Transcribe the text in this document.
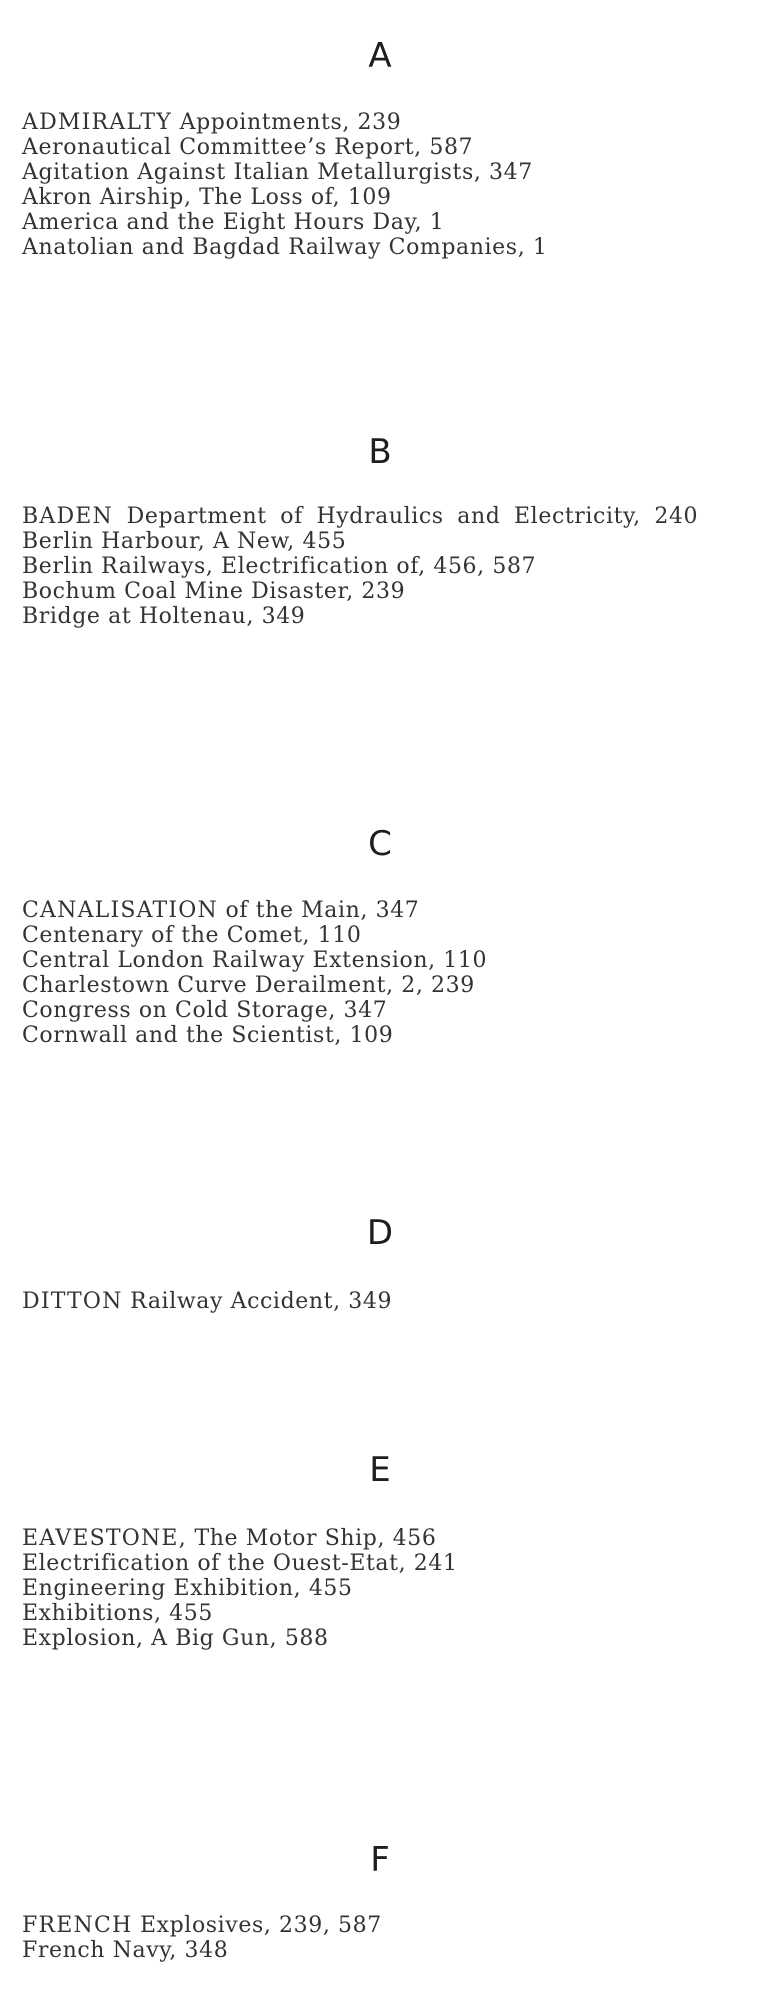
A
ADMIRALTY Appointments, 239
Aeronautical Committee’s Report, 587
Agitation Against Italian Metallurgists, 347
Akron Airship, The Loss of, 109
America and the Eight Hours Day, 1
Anatolian and Bagdad Railway Companies, 1
B
BADEN Department of Hydraulics and Electricity, 240
Berlin Harbour, A New, 455
Berlin Railways, Electrification of, 456, 587
Bochum Coal Mine Disaster, 239
Bridge at Holtenau, 349
C
CANALISATION of the Main, 347
Centenary of the Comet, 110
Central London Railway Extension, 110
Charlestown Curve Derailment, 2, 239
Congress on Cold Storage, 347
Cornwall and the Scientist, 109
D
DITTON Railway Accident, 349
E
EAVESTONE, The Motor Ship, 456
Electrification of the Ouest-Etat, 241
Engineering Exhibition, 455
Exhibitions, 455
Explosion, A Big Gun, 588
F
FRENCH Explosives, 239, 587
French Navy, 348
